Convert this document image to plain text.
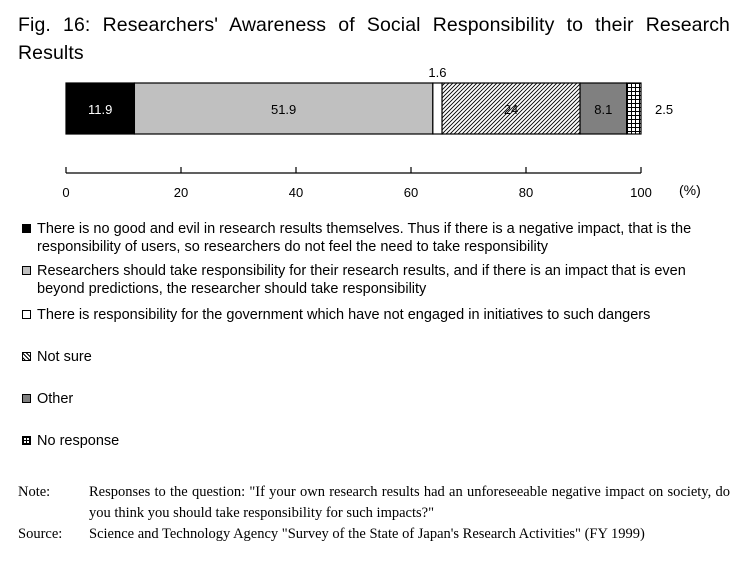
Fig. 16: Researchers' Awareness of Social Responsibility to their Research Results
11.9	51.9
1.6
24	8.1	2.5
0	20	40	60	80	100 (%)
There is no good and evil in research results themselves. Thus if there is a negative impact, that is the responsibility of users, so researchers do not feel the need to take responsibility
Researchers should take responsibility for their research results, and if there is an impact that is even beyond predictions, the researcher should take responsibility
There is responsibility for the government which have not engaged in initiatives to such dangers
Not sure
Other
No response
Note:	Responses to the question: "If your own research results had an unforeseeable negative impact on society, do you think you should take responsibility for such impacts?"
Source:	Science and Technology Agency "Survey of the State of Japan's Research Activities" (FY 1999)
